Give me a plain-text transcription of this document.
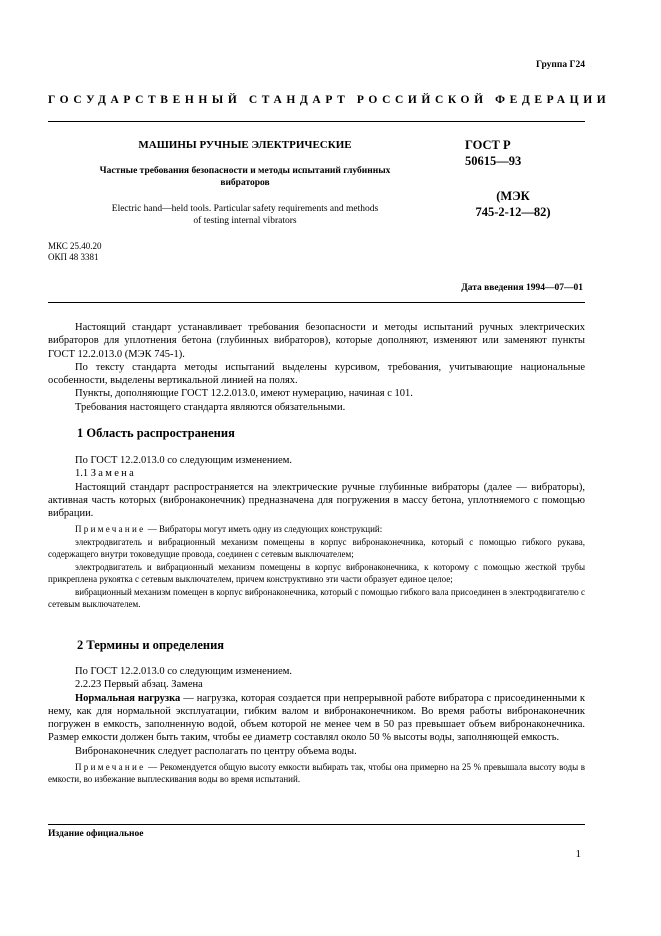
Группа Г24
ГОСУДАРСТВЕННЫЙ СТАНДАРТ РОССИЙСКОЙ ФЕДЕРАЦИИ
МАШИНЫ РУЧНЫЕ ЭЛЕКТРИЧЕСКИЕ
Частные требования безопасности и методы испытаний глубинных
вибраторов
Electric hand—held tools. Particular safety requirements and methods
of testing internal vibrators
ГОСТ Р
50615—93
(МЭК
745-2-12—82)
МКС 25.40.20
ОКП 48 3381
Дата введения 1994—07—01

Настоящий стандарт устанавливает требования безопасности и методы испытаний ручных электрических вибраторов для уплотнения бетона (глубинных вибраторов), которые дополняют, изменяют или заменяют пункты ГОСТ 12.2.013.0 (МЭК 745-1).

По тексту стандарта методы испытаний выделены курсивом, требования, учитывающие национальные особенности, выделены вертикальной линией на полях.

Пункты, дополняющие ГОСТ 12.2.013.0, имеют нумерацию, начиная с 101.

Требования настоящего стандарта являются обязательными.

1 Область распространения

По ГОСТ 12.2.013.0 со следующим изменением.

1.1 Замена

Настоящий стандарт распространяется на электрические ручные глубинные вибраторы (далее — вибраторы), активная часть которых (вибронаконечник) предназначена для погружения в массу бетона, уплотняемого с помощью вибрации.

Примечание — Вибраторы могут иметь одну из следующих конструкций:

электродвигатель и вибрационный механизм помещены в корпус вибронаконечника, который с помощью гибкого рукава, содержащего внутри токоведущие провода, соединен с сетевым выключателем;

электродвигатель и вибрационный механизм помещены в корпус вибронаконечника, к которому с помощью жесткой трубы прикреплена рукоятка с сетевым выключателем, причем конструктивно эти части образует единое целое;

вибрационный механизм помещен в корпус вибронаконечника, который с помощью гибкого вала присоединен в электродвигателю с сетевым выключателем.

2 Термины и определения

По ГОСТ 12.2.013.0 со следующим изменением.

2.2.23 Первый абзац. Замена

Нормальная нагрузка — нагрузка, которая создается при непрерывной работе вибратора с присоединенными к нему, как для нормальной эксплуатации, гибким валом и вибронаконечником. Во время работы вибронаконечник погружен в емкость, заполненную водой, объем которой не менее чем в 50 раз превышает объем вибронаконечника. Размер емкости должен быть таким, чтобы ее диаметр составлял около 50 % высоты воды, заполняющей емкость.

Вибронаконечник следует располагать по центру объема воды.

Примечание — Рекомендуется общую высоту емкости выбирать так, чтобы она примерно на 25 % превышала высоту воды в емкости, во избежание выплескивания воды во время испытаний.

Издание официальное
1
